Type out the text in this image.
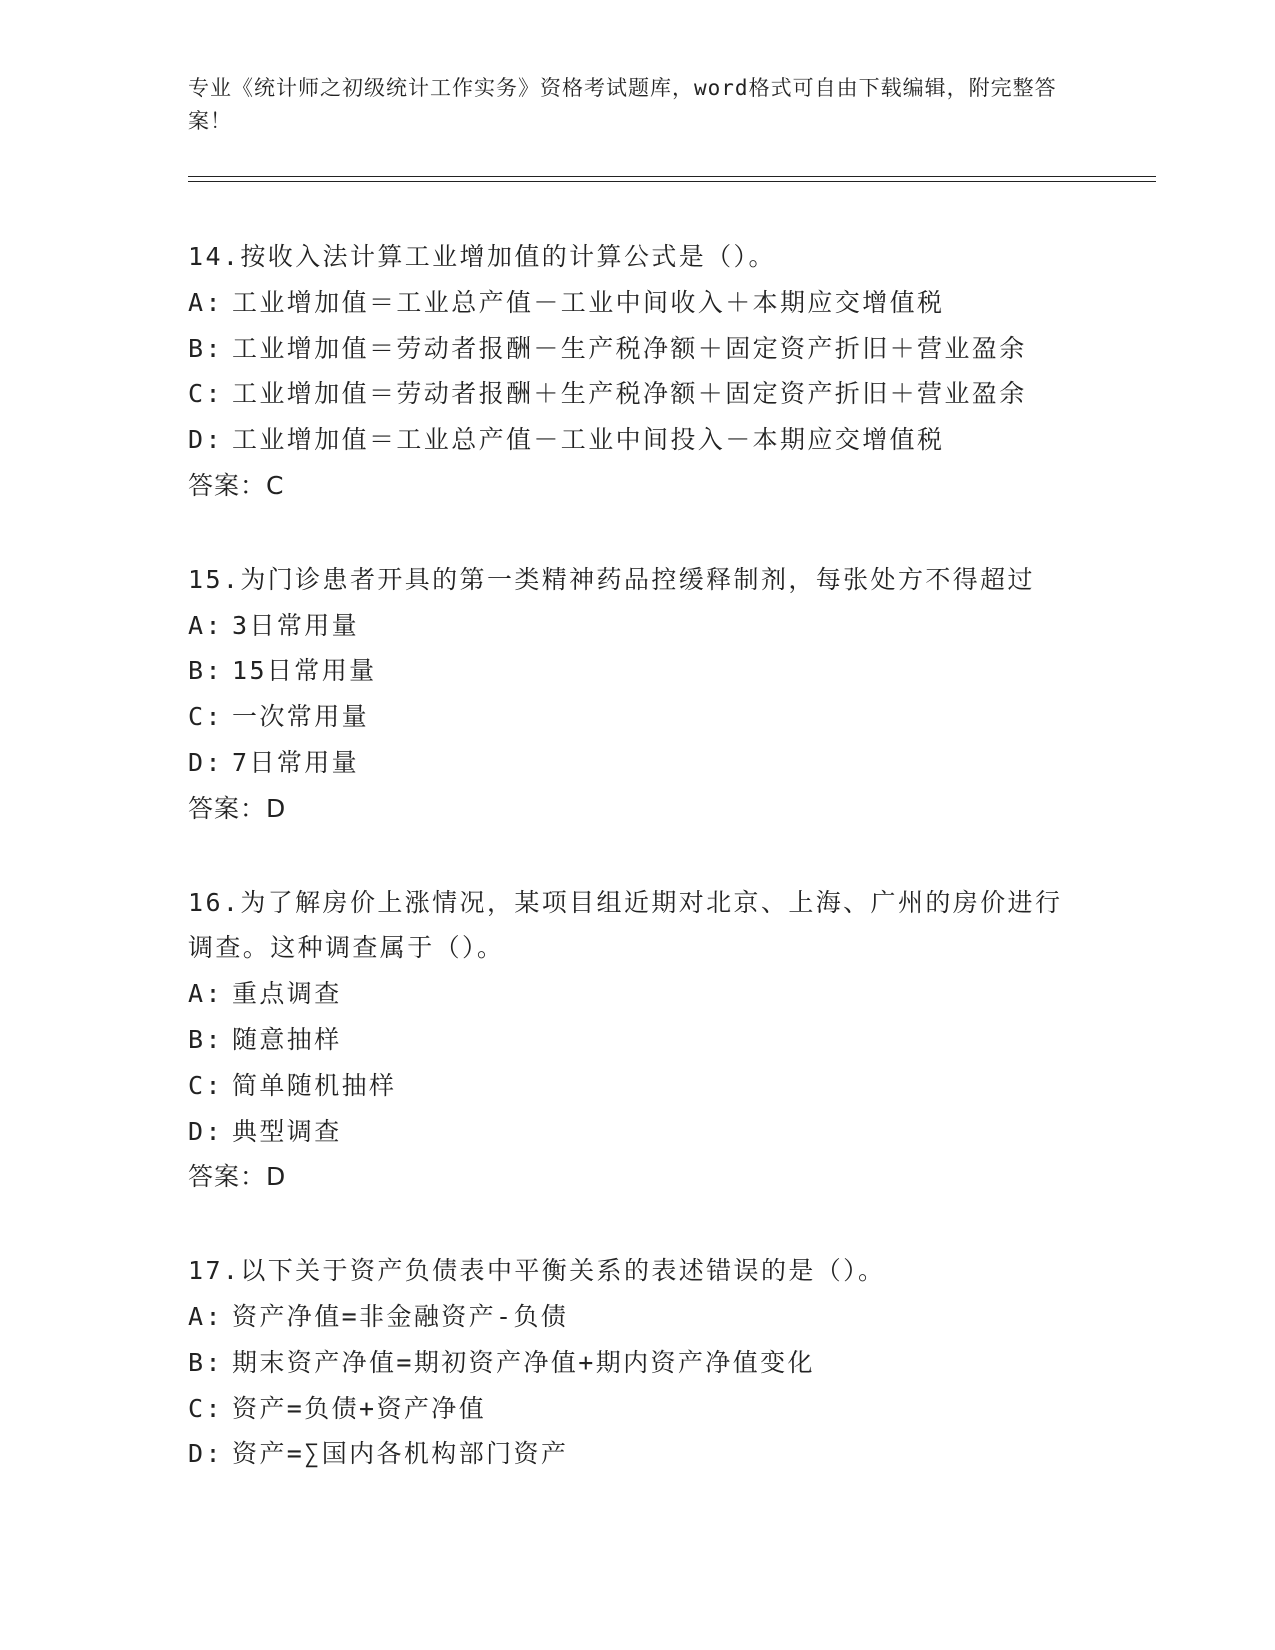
专业《统计师之初级统计工作实务》资格考试题库，word格式可自由下载编辑，附完整答案！
14.按收入法计算工业增加值的计算公式是（）。
A: 工业增加值＝工业总产值－工业中间收入＋本期应交增值税
B: 工业增加值＝劳动者报酬－生产税净额＋固定资产折旧＋营业盈余
C: 工业增加值＝劳动者报酬＋生产税净额＋固定资产折旧＋营业盈余
D: 工业增加值＝工业总产值－工业中间投入－本期应交增值税
答案：C
15.为门诊患者开具的第一类精神药品控缓释制剂，每张处方不得超过
A: 3日常用量
B: 15日常用量
C: 一次常用量
D: 7日常用量
答案：D
16.为了解房价上涨情况，某项目组近期对北京、上海、广州的房价进行调查。这种调查属于（）。
A: 重点调查
B: 随意抽样
C: 简单随机抽样
D: 典型调查
答案：D
17.以下关于资产负债表中平衡关系的表述错误的是（）。
A: 资产净值=非金融资产-负债
B: 期末资产净值=期初资产净值+期内资产净值变化
C: 资产=负债+资产净值
D: 资产=∑国内各机构部门资产
